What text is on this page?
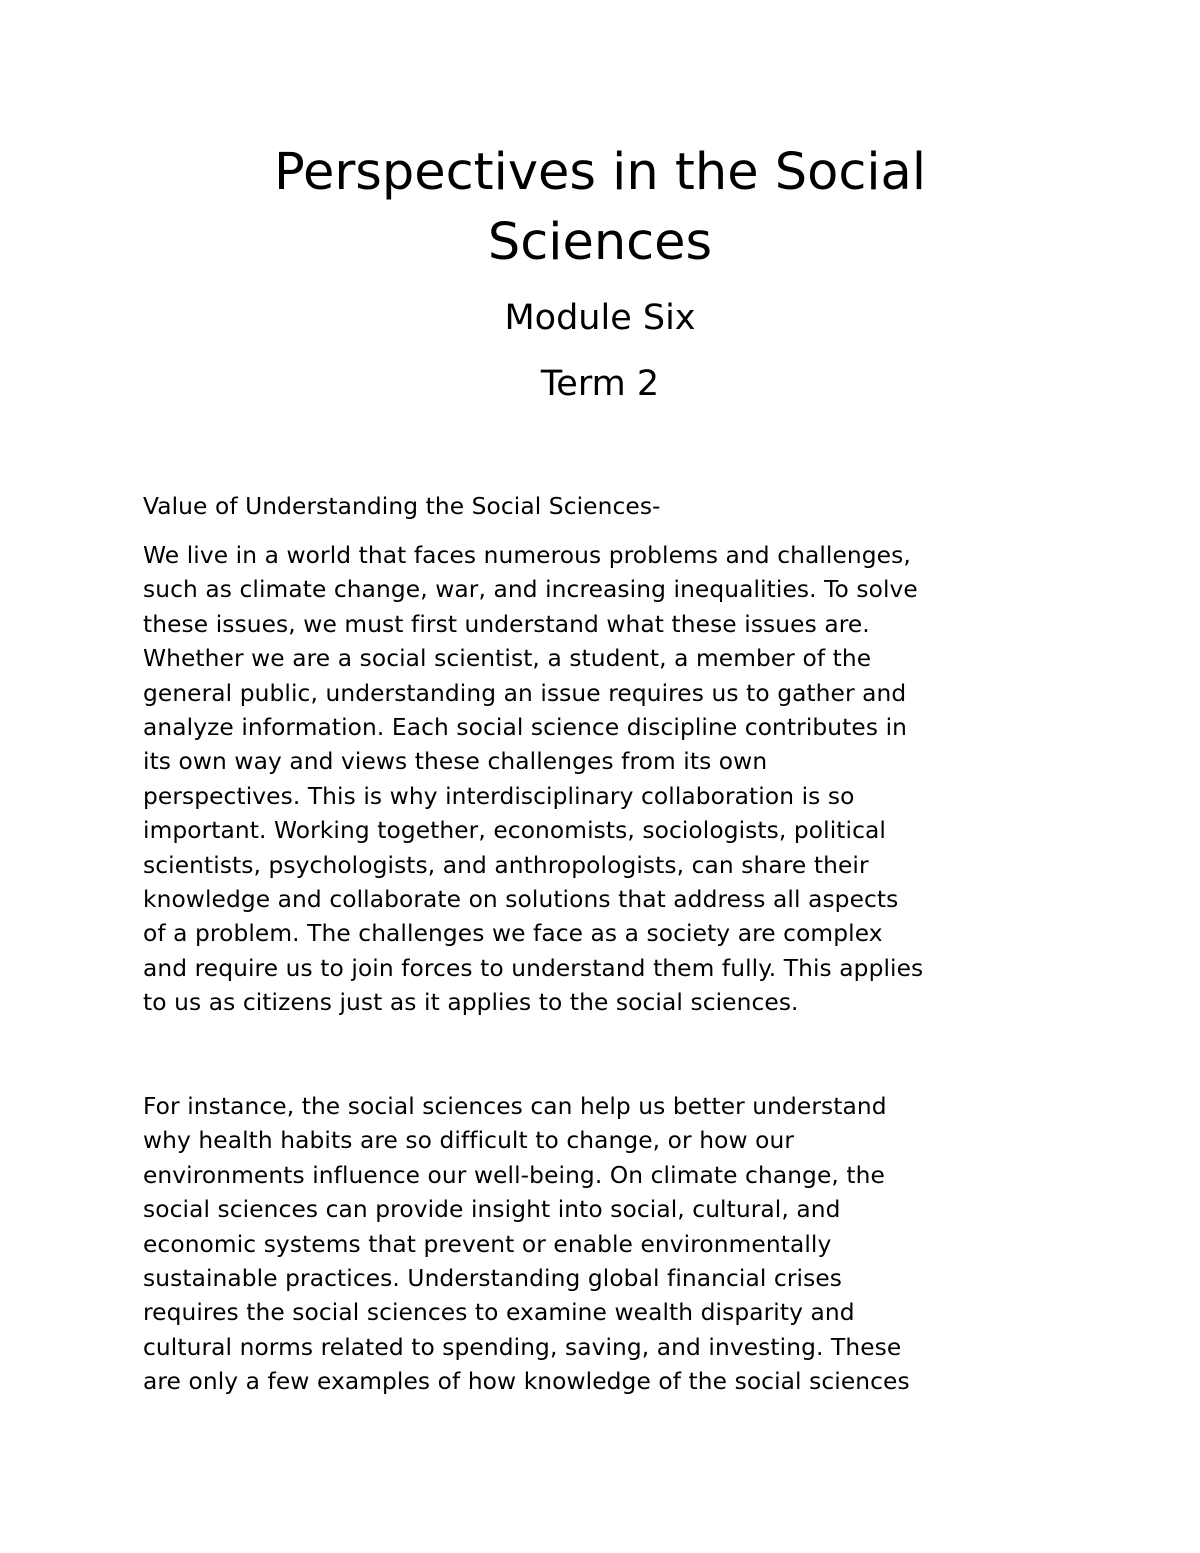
Perspectives in the Social
Sciences
Module Six
Term 2
Value of Understanding the Social Sciences-
We live in a world that faces numerous problems and challenges,
such as climate change, war, and increasing inequalities. To solve
these issues, we must first understand what these issues are.
Whether we are a social scientist, a student, a member of the
general public, understanding an issue requires us to gather and
analyze information. Each social science discipline contributes in
its own way and views these challenges from its own
perspectives. This is why interdisciplinary collaboration is so
important. Working together, economists, sociologists, political
scientists, psychologists, and anthropologists, can share their
knowledge and collaborate on solutions that address all aspects
of a problem. The challenges we face as a society are complex
and require us to join forces to understand them fully. This applies
to us as citizens just as it applies to the social sciences.
For instance, the social sciences can help us better understand
why health habits are so difficult to change, or how our
environments influence our well-being. On climate change, the
social sciences can provide insight into social, cultural, and
economic systems that prevent or enable environmentally
sustainable practices. Understanding global financial crises
requires the social sciences to examine wealth disparity and
cultural norms related to spending, saving, and investing. These
are only a few examples of how knowledge of the social sciences
